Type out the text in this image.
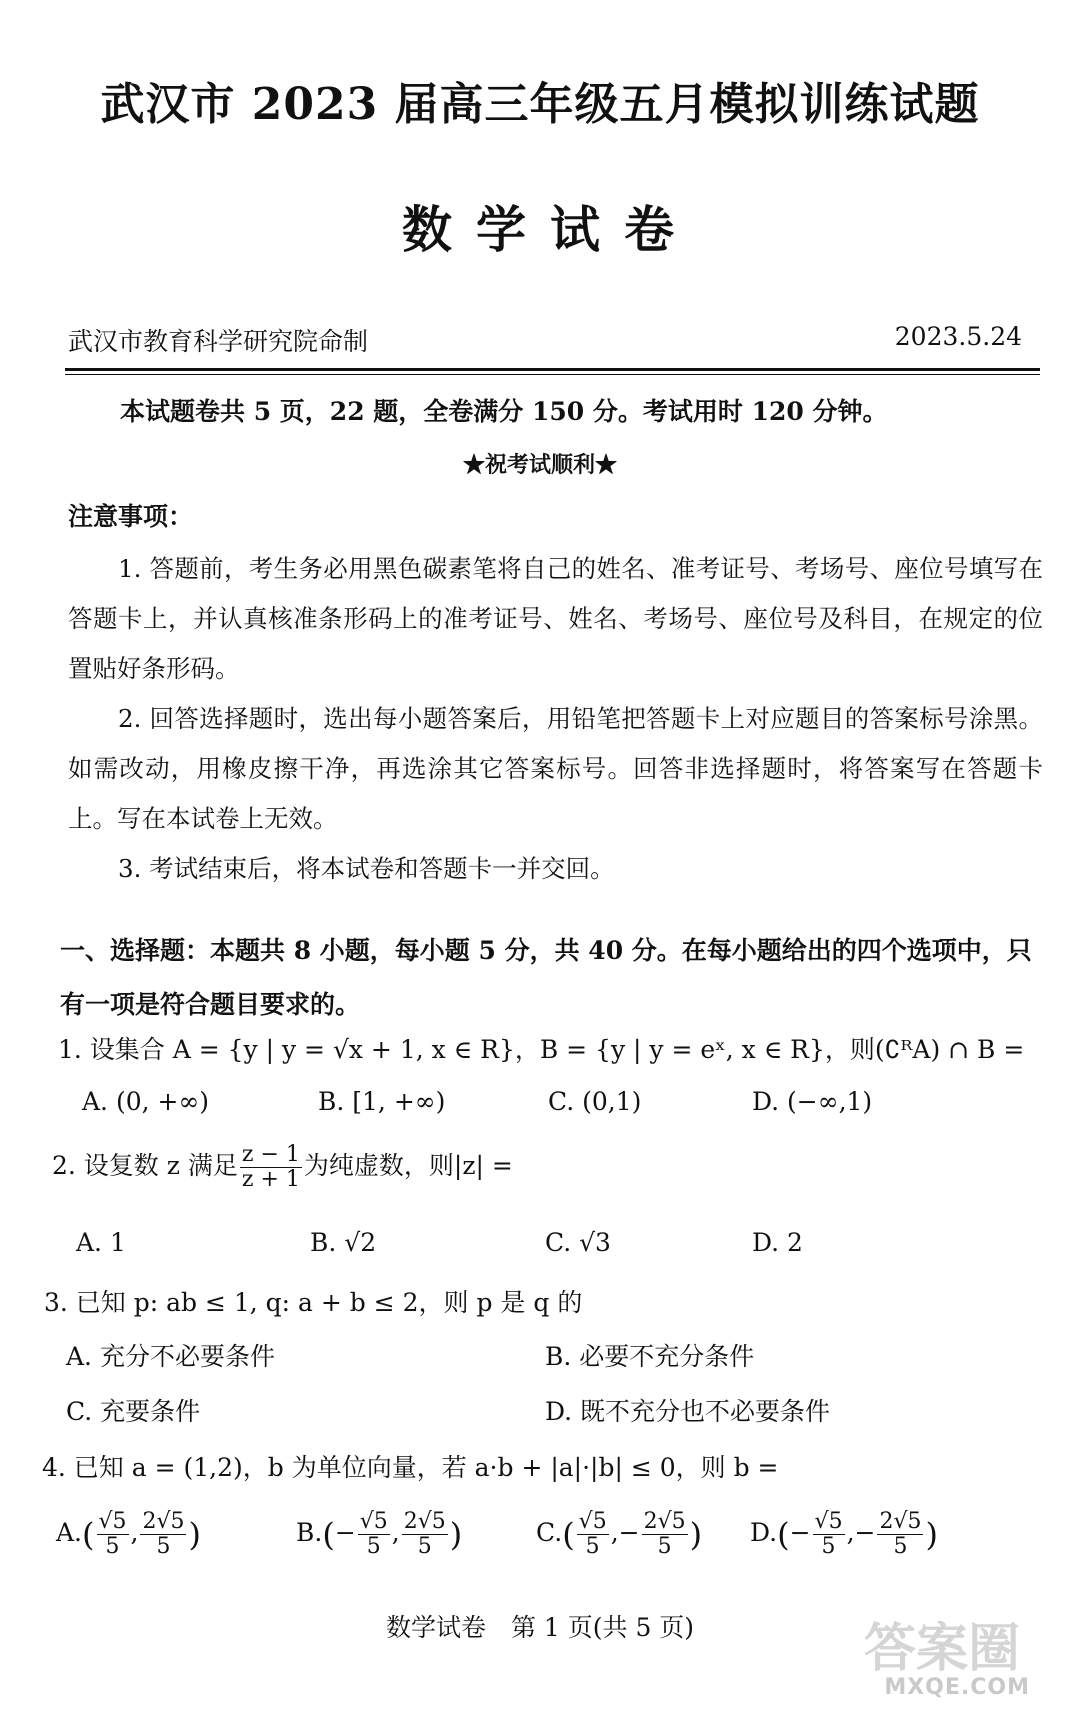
武汉市 2023 届高三年级五月模拟训练试题
数学试卷
武汉市教育科学研究院命制	2023.5.24
本试题卷共 5 页，22 题，全卷满分 150 分。考试用时 120 分钟。
★祝考试顺利★
注意事项：
1. 答题前，考生务必用黑色碳素笔将自己的姓名、准考证号、考场号、座位号填写在答题卡上，并认真核准条形码上的准考证号、姓名、考场号、座位号及科目，在规定的位置贴好条形码。
2. 回答选择题时，选出每小题答案后，用铅笔把答题卡上对应题目的答案标号涂黑。如需改动，用橡皮擦干净，再选涂其它答案标号。回答非选择题时，将答案写在答题卡上。写在本试卷上无效。
3. 考试结束后，将本试卷和答题卡一并交回。
一、选择题：本题共 8 小题，每小题 5 分，共 40 分。在每小题给出的四个选项中，只有一项是符合题目要求的。
1. 设集合 A = {y | y = √x + 1, x ∈ R}，B = {y | y = eˣ, x ∈ R}，则(∁ᴿA) ∩ B =
A. (0, +∞)	B. [1, +∞)	C. (0,1)	D. (−∞,1)
2. 设复数 z 满足 $\frac{z - 1}{z + 1}$ 为纯虚数，则|z| =
A. 1	B. √2	C. √3	D. 2
3. 已知 p: ab ≤ 1, q: a + b ≤ 2，则 p 是 q 的
A. 充分不必要条件	B. 必要不充分条件
C. 充要条件	D. 既不充分也不必要条件
4. 已知 a = (1,2)，b 为单位向量，若 a·b + |a|·|b| ≤ 0，则 b =
$A.( \frac{√5}{5}$ , $\frac{2√5}{5}$ )	$B.(- \frac{√5}{5}$ , $\frac{2√5}{5}$ )	$C.( \frac{√5}{5}$ ,− $\frac{2√5}{5}$ ) $D.(- \frac{√5}{5}$ ,− $\frac{2√5}{5}$ )
数学试卷　第 1 页(共 5 页)	答案圈
MXQE.COM
